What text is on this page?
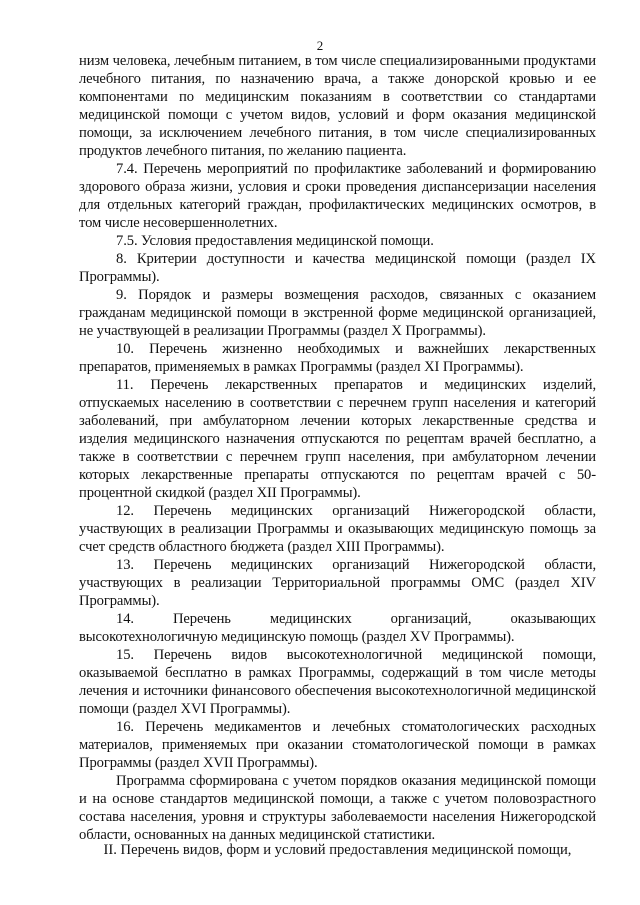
2

низм человека, лечебным питанием, в том числе специализированными продуктами лечебного питания, по назначению врача, а также донорской кровью и ее компонентами по медицинским показаниям в соответствии со стандартами медицинской помощи с учетом видов, условий и форм оказания медицинской помощи, за исключением лечебного питания, в том числе специализированных продуктов лечебного питания, по желанию пациента.

7.4. Перечень мероприятий по профилактике заболеваний и формированию здорового образа жизни, условия и сроки проведения диспансеризации населения для отдельных категорий граждан, профилактических медицинских осмотров, в том числе несовершеннолетних.

7.5. Условия предоставления медицинской помощи.

8. Критерии доступности и качества медицинской помощи (раздел IX Программы).

9. Порядок и размеры возмещения расходов, связанных с оказанием гражданам медицинской помощи в экстренной форме медицинской организацией, не участвующей в реализации Программы (раздел X Программы).

10. Перечень жизненно необходимых и важнейших лекарственных препаратов, применяемых в рамках Программы (раздел XI Программы).

11. Перечень лекарственных препаратов и медицинских изделий, отпускаемых населению в соответствии с перечнем групп населения и категорий заболеваний, при амбулаторном лечении которых лекарственные средства и изделия медицинского назначения отпускаются по рецептам врачей бесплатно, а также в соответствии с перечнем групп населения, при амбулаторном лечении которых лекарственные препараты отпускаются по рецептам врачей с 50-процентной скидкой (раздел XII Программы).

12. Перечень медицинских организаций Нижегородской области, участвующих в реализации Программы и оказывающих медицинскую помощь за счет средств областного бюджета (раздел XIII Программы).

13. Перечень медицинских организаций Нижегородской области, участвующих в реализации Территориальной программы ОМС (раздел XIV Программы).

14. Перечень медицинских организаций, оказывающих высокотехнологичную медицинскую помощь (раздел XV Программы).

15. Перечень видов высокотехнологичной медицинской помощи, оказываемой бесплатно в рамках Программы, содержащий в том числе методы лечения и источники финансового обеспечения высокотехнологичной медицинской помощи (раздел XVI Программы).

16. Перечень медикаментов и лечебных стоматологических расходных материалов, применяемых при оказании стоматологической помощи в рамках Программы (раздел XVII Программы).

Программа сформирована с учетом порядков оказания медицинской помощи и на основе стандартов медицинской помощи, а также с учетом половозрастного состава населения, уровня и структуры заболеваемости населения Нижегородской области, основанных на данных медицинской статистики.

II. Перечень видов, форм и условий предоставления медицинской помощи,
